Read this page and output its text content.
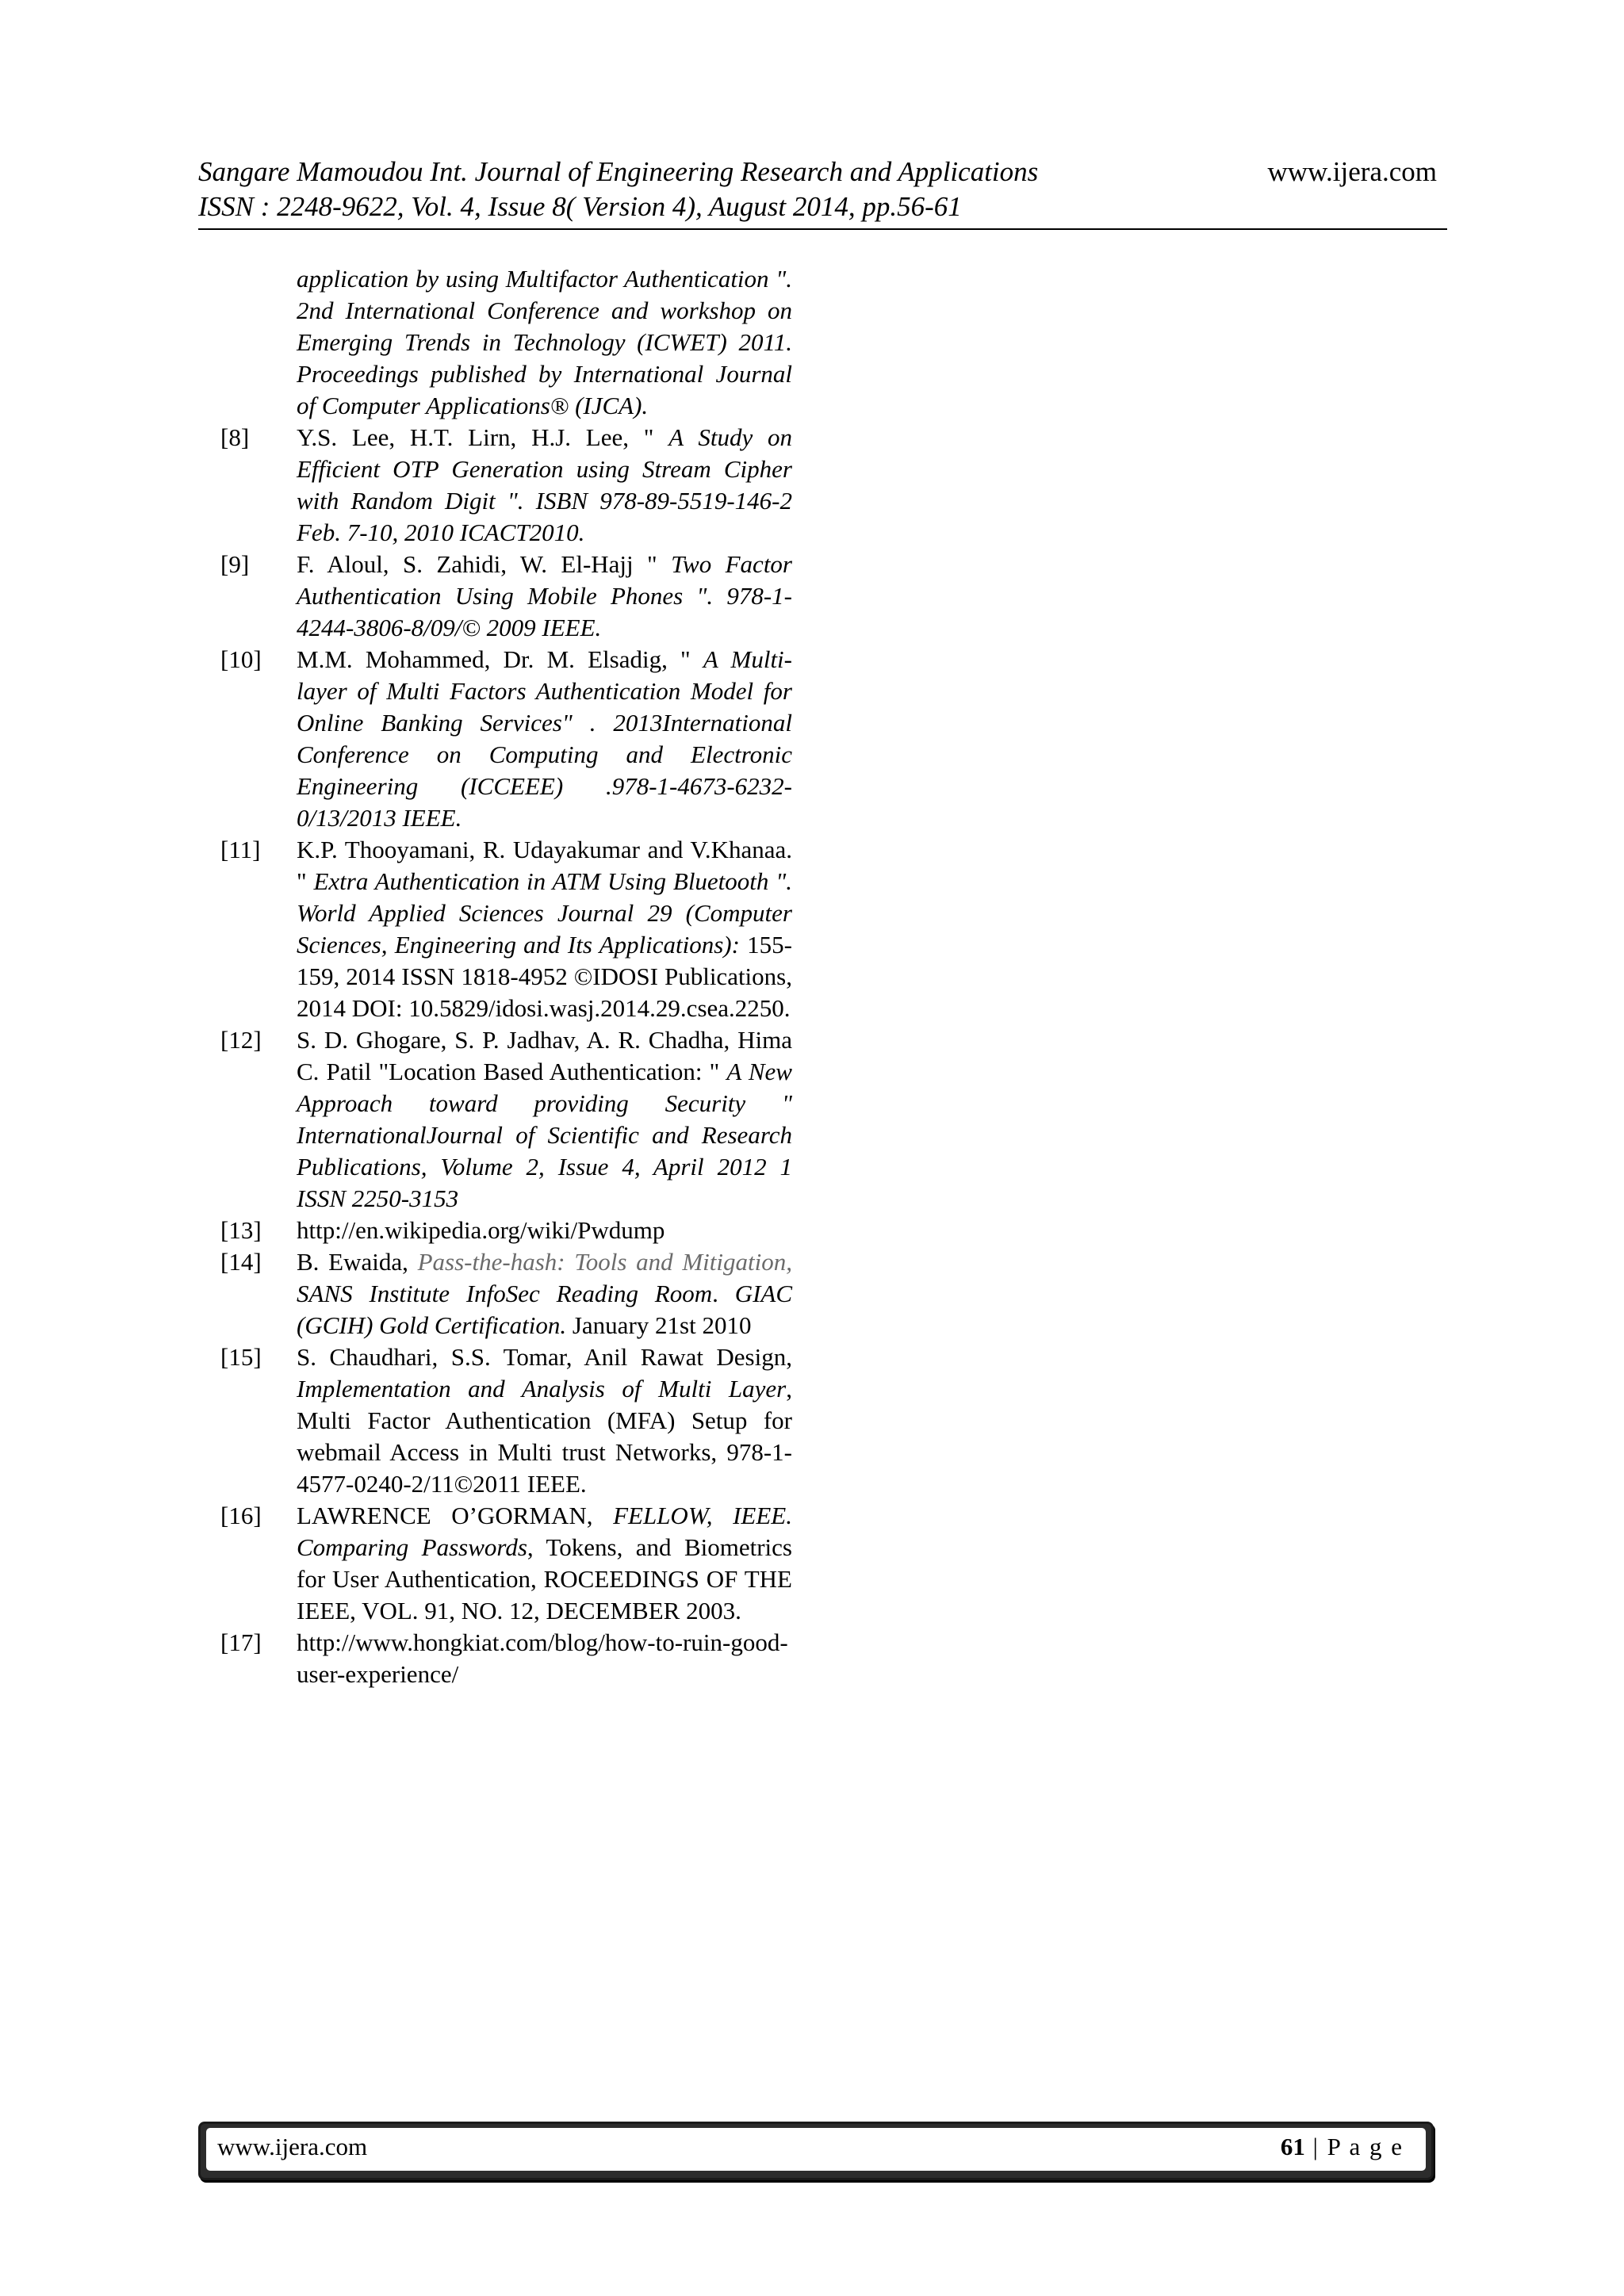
Sangare Mamoudou Int. Journal of Engineering Research and Applications
ISSN : 2248-9622, Vol. 4, Issue 8( Version 4), August 2014, pp.56-61
www.ijera.com
application by using Multifactor Authentication ". 2nd International Conference and workshop on Emerging Trends in Technology (ICWET) 2011. Proceedings published by International Journal of Computer Applications® (IJCA).
[8]	Y.S. Lee, H.T. Lirn, H.J. Lee, " A Study on Efficient OTP Generation using Stream Cipher with Random Digit ". ISBN 978-89-5519-146-2 Feb. 7-10, 2010 ICACT2010.
[9]	F. Aloul, S. Zahidi, W. El-Hajj " Two Factor Authentication Using Mobile Phones ". 978-1-4244-3806-8/09/© 2009 IEEE.
[10]	M.M. Mohammed, Dr. M. Elsadig, " A Multi-layer of Multi Factors Authentication Model for Online Banking Services" . 2013International Conference on Computing and Electronic Engineering (ICCEEE) .978-1-4673-6232-0/13/2013 IEEE.
[11]	K.P. Thooyamani, R. Udayakumar and V.Khanaa. " Extra Authentication in ATM Using Bluetooth ". World Applied Sciences Journal 29 (Computer Sciences, Engineering and Its Applications): 155-159, 2014 ISSN 1818-4952 ©IDOSI Publications, 2014 DOI: 10.5829/idosi.wasj.2014.29.csea.2250.
[12]	S. D. Ghogare, S. P. Jadhav, A. R. Chadha, Hima C. Patil "Location Based Authentication: " A New Approach toward providing Security " InternationalJournal of Scientific and Research Publications, Volume 2, Issue 4, April 2012 1 ISSN 2250-3153
[13]	http://en.wikipedia.org/wiki/Pwdump
[14]	B. Ewaida, Pass-the-hash: Tools and Mitigation, SANS Institute InfoSec Reading Room. GIAC (GCIH) Gold Certification. January 21st 2010
[15]	S. Chaudhari, S.S. Tomar, Anil Rawat Design, Implementation and Analysis of Multi Layer, Multi Factor Authentication (MFA) Setup for webmail Access in Multi trust Networks, 978-1-4577-0240-2/11©2011 IEEE.
[16]	LAWRENCE O’GORMAN, FELLOW, IEEE. Comparing Passwords, Tokens, and Biometrics for User Authentication, ROCEEDINGS OF THE IEEE, VOL. 91, NO. 12, DECEMBER 2003.
[17]	http://www.hongkiat.com/blog/how-to-ruin-good-user-experience/
www.ijera.com	61 | P a g e
